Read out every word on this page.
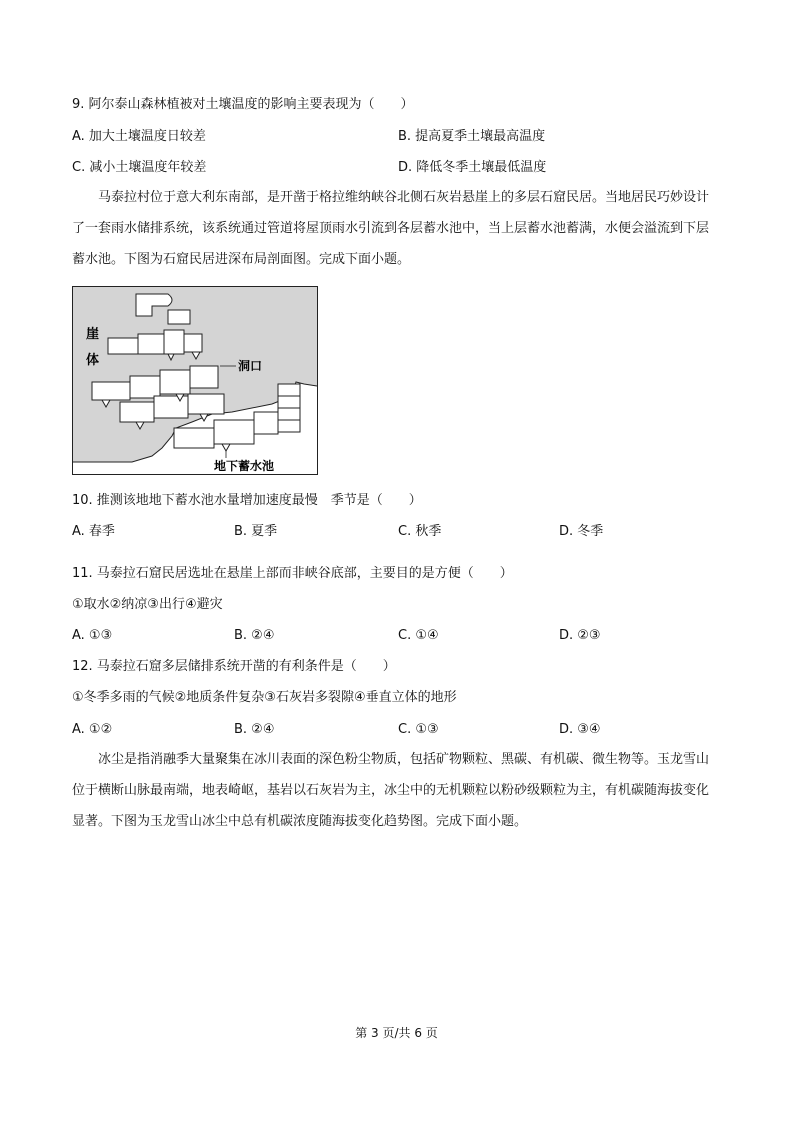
9. 阿尔泰山森林植被对土壤温度的影响主要表现为（　　）
A. 加大土壤温度日较差	B. 提高夏季土壤最高温度
C. 减小土壤温度年较差	D. 降低冬季土壤最低温度
马泰拉村位于意大利东南部，是开凿于格拉维纳峡谷北侧石灰岩悬崖上的多层石窟民居。当地居民巧妙设计了一套雨水储排系统，该系统通过管道将屋顶雨水引流到各层蓄水池中，当上层蓄水池蓄满，水便会溢流到下层蓄水池。下图为石窟民居进深布局剖面图。完成下面小题。
崖
体	洞口
地下蓄水池
10. 推测该地地下蓄水池水量增加速度最慢　季节是（　　）
A. 春季	B. 夏季	C. 秋季	D. 冬季
11. 马泰拉石窟民居选址在悬崖上部而非峡谷底部，主要目的是方便（　　）
①取水②纳凉③出行④避灾
A. ①③	B. ②④	C. ①④	D. ②③
12. 马泰拉石窟多层储排系统开凿的有利条件是（　　）
①冬季多雨的气候②地质条件复杂③石灰岩多裂隙④垂直立体的地形
A. ①②	B. ②④	C. ①③	D. ③④
冰尘是指消融季大量聚集在冰川表面的深色粉尘物质，包括矿物颗粒、黑碳、有机碳、微生物等。玉龙雪山位于横断山脉最南端，地表崎岖，基岩以石灰岩为主，冰尘中的无机颗粒以粉砂级颗粒为主，有机碳随海拔变化显著。下图为玉龙雪山冰尘中总有机碳浓度随海拔变化趋势图。完成下面小题。
第 3 页/共 6 页
